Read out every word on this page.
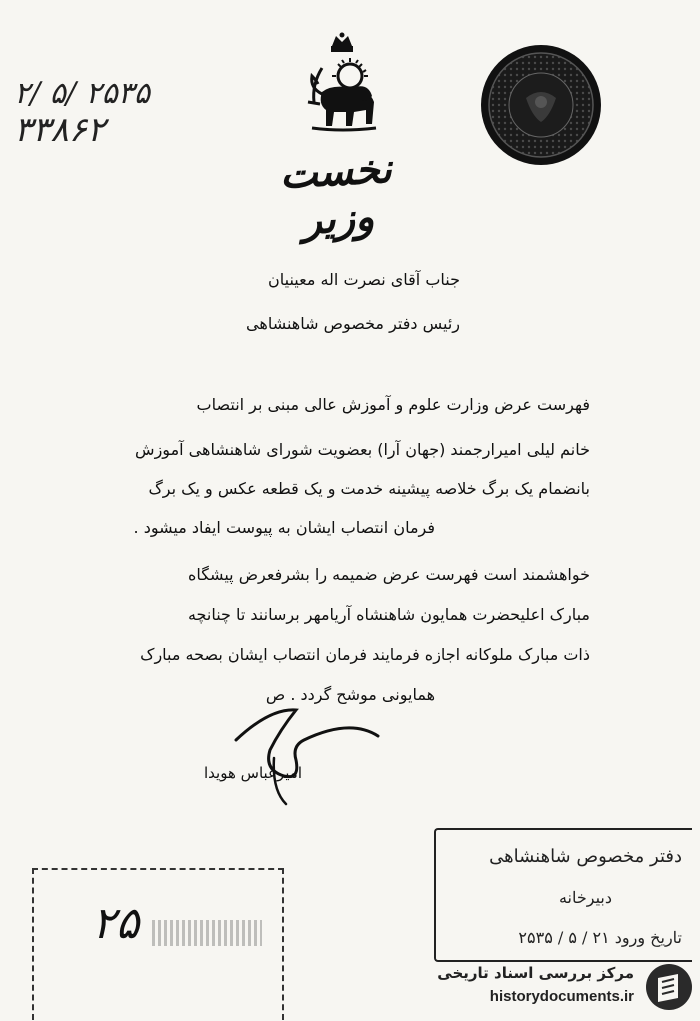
۲/ ۵/ ۲۵۳۵
۳۳۸۶۲
نخست وزیر
جناب آقای نصرت اله معینیان
رئیس دفتر مخصوص شاهنشاهی
فهرست عرض وزارت علوم و آموزش عالی مبنی بر انتصاب
خانم لیلی امیرارجمند (جهان آرا) بعضویت شورای شاهنشاهی آموزش
بانضمام یک برگ خلاصه پیشینه خدمت و یک قطعه عکس و یک برگ
فرمان انتصاب ایشان به پیوست ایفاد میشود .
خواهشمند است فهرست عرض ضمیمه را بشرفعرض پیشگاه
مبارک اعلیحضرت همایون شاهنشاه آریامهر برسانند تا چنانچه
ذات مبارک ملوکانه اجازه فرمایند فرمان انتصاب ایشان بصحه مبارک
همایونی موشح گردد . ص
امیرعباس هویدا
۲۵
دفتر مخصوص شاهنشاهی
دبیرخانه
تاریخ ورود ۲۱ / ۵ / ۲۵۳۵
مرکز بررسی اسناد تاریخی
historydocuments.ir
